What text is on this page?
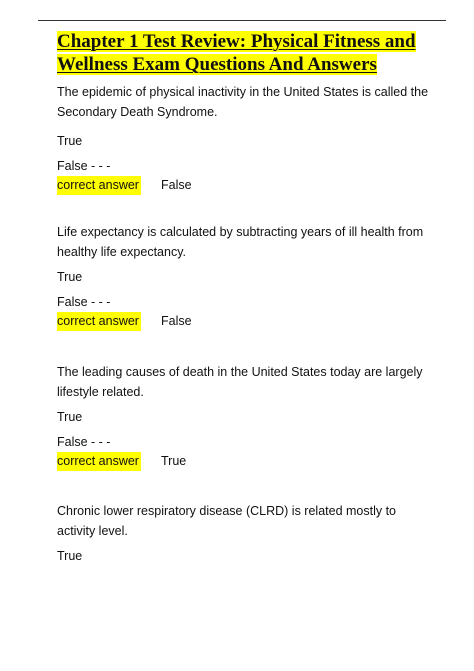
Chapter 1 Test Review: Physical Fitness and Wellness Exam Questions And Answers

The epidemic of physical inactivity in the United States is called the Secondary Death Syndrome.

True

False - - -

correct answer False

Life expectancy is calculated by subtracting years of ill health from healthy life expectancy.

True

False - - -

correct answer False

The leading causes of death in the United States today are largely lifestyle related.

True

False - - -

correct answer True

Chronic lower respiratory disease (CLRD) is related mostly to activity level.

True
